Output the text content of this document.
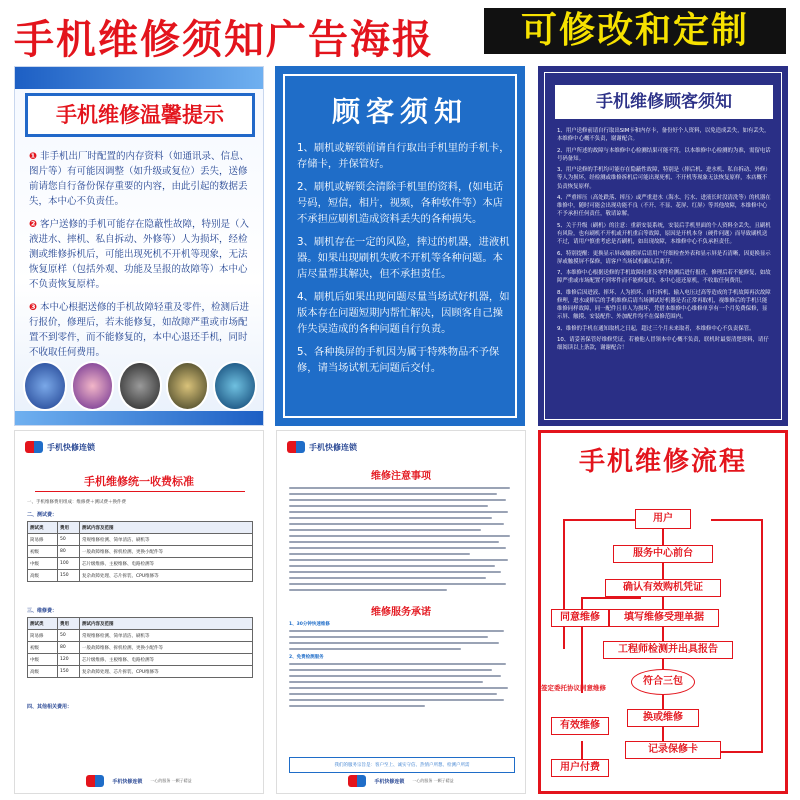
手机维修须知广告海报	可修改和定制
手机维修温馨提示
❶ 非手机出厂时配置的内存资料（如通讯录、信息、图片等）有可能因调整（如升级或复位）丢失，送修前请您自行备份保存重要的内容，由此引起的数据丢失，本中心不负责任。
❷ 客户送修的手机可能存在隐蔽性故障，特别是（入液进水、摔机、私自拆动、外修等）人为损坏，经检测或维修拆机后，可能出现死机不开机等现象，无法恢复原样（包括外观、功能及呈报的故障等）本中心不负责恢复原样。
❸ 本中心根据送修的手机故障轻重及零件，检测后进行报价，修理后，若未能修复，如故障严重或市场配置不到零件，而不能修复的，本中心退还手机，同时不收取任何费用。
顾客须知
1、刷机或解锁前请自行取出手机里的手机卡，存储卡，并保管好。
2、刷机或解锁会清除手机里的资料，(如电话号码，短信，相片，视频，各种软件等）本店不承担应刷机造成资料丢失的各种损失。
3、刷机存在一定的风险，摔过的机器，进液机器。如果出现刷机失败不开机等各种问题。本店尽量帮其解决，但不承担责任。
4、刷机后如果出现问题尽量当场试好机器，如版本存在问题短期内帮忙解决，因顾客自己操作失误造成的各种问题自行负责。
5、各种换屏的手机因为属于特殊物品不予保修，请当场试机无问题后交付。
手机维修顾客须知
1、用户送修前请自行取出SIM卡和内存卡，备份好个人资料，以免造成丢失，如有丢失，本维修中心概不负责，谢谢配合。
2、用户所述的故障与本维修中心检测结果可能不符，以本维修中心检测的为准，需留电话号码备知。
3、用户送修的手机均可能存在隐蔽性故障，特别是（摔后机、进水机、私自拆动、外修）等人为损坏，经检测或维修拆机后可能出现死机、不开机等现象无法恢复原样，本店概不负责恢复原样。
4、严重摔压（高处跌落、摔压）或严重进水（海水、污水、进液长时没清洗等）的机器在维修中，随时可能会出现功能不良（不开、不显、花屏、红屏）等其他故障，本维修中心不予承担任何责任，敬请谅解。
5、关于升级（刷机）的注意：重新安装系统，安装后手机里面的个人资料全丢失，且刷机有风险，也有刷机不开机或开机重启等故障，原因是开机本身（硬件问题）而导致刷机送不过，请用户慎重考虑是否刷机，如出现故障，本维修中心不负承担责任。
6、特别提醒：更换显示屏或触摸屏后请用户仔细检查外表和显示屏是否清晰，因更换显示屏或触摸屏不保修，请客户当场试机确认后离开。
7、本维修中心根据送修的手机故障轻重及零件检测后进行报价，修理后若不能修复，如故障严重或市场配置不到零件而不能修复的，本中心退还原机，不收取任何费用。
8、维修后因进液、摔坏、人为损坏、自行拆机、输入电压过高等造成的手机故障再次故障修理，进水或摔后的手机维修后请当场测试好机器是否正常再取机，视维修后的手机只能维修同样故障，同一配件且非人为损坏，凭借本维修中心维修单享有一个月免费保修，显示屏、触摸、安装配件、外加配件均不在保修范围内。
9、维修的手机在通知取机之日起，超过三个月未来取者，本维修中心不负责保管。
10、请妥善保管好维修凭证，若被他人冒领本中心概不负责，联机时最要清楚资料，请仔细阅读以上条款，谢谢配合！
手机快修连锁
手机维修统一收费标准
一、手机维修费用组成：维修费＋测试费＋换件费
二、测试费：
测试类	费用	测试内容及范围
简易修	50	常规维修检测、简单清洁、刷机等
初级	80	一般故障维修、拆机检测、更换小配件等
中级	100	芯片级维修、主板维修、电路检测等
高级	150	复杂故障处理、芯片拆装、CPU维修等
三、维修费：
测试类	费用	测试内容及范围
简易修	50	常规维修检测、简单清洁、刷机等
初级	80	一般故障维修、拆机检测、更换小配件等
中级	120	芯片级维修、主板维修、电路检测等
高级	150	复杂故障处理、芯片拆装、CPU维修等
四、其他相关费用：
手机快修连锁 一心的服务 一颗子精益
手机快修连锁
维修注意事项
维修服务承诺
1、30分钟快速维修
2、免费检测服务
我们的服务宗旨是：客户至上、诚实守信、热情户所想、检测户所需
手机快修连锁 一心的服务 一颗子精益
手机维修流程
用户
服务中心前台
确认有效购机凭证
同意维修	填写维修受理单据
工程师检测并出具报告
符合三包
签定委托协议同意维修
换或维修
有效维修
记录保修卡
用户付费
